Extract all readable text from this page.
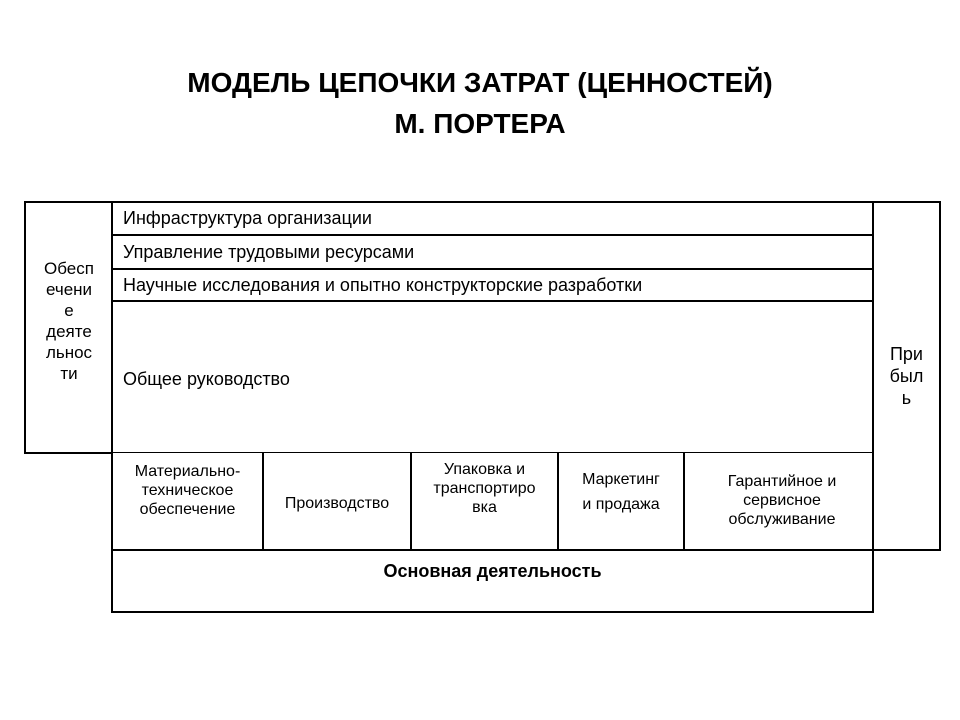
МОДЕЛЬ ЦЕПОЧКИ ЗАТРАТ (ЦЕННОСТЕЙ)
М. ПОРТЕРА
Обесп
ечени
е
деяте
льнос
ти
Инфраструктура организации
Управление трудовыми ресурсами
Научные исследования и опытно конструкторские разработки
Общее руководство
При
был
ь
Материально-
техническое
обеспечение	Производство
Упаковка и
транспортиро
вка
Маркетинг
и продажа
Гарантийное и
сервисное
обслуживание
Основная деятельность
